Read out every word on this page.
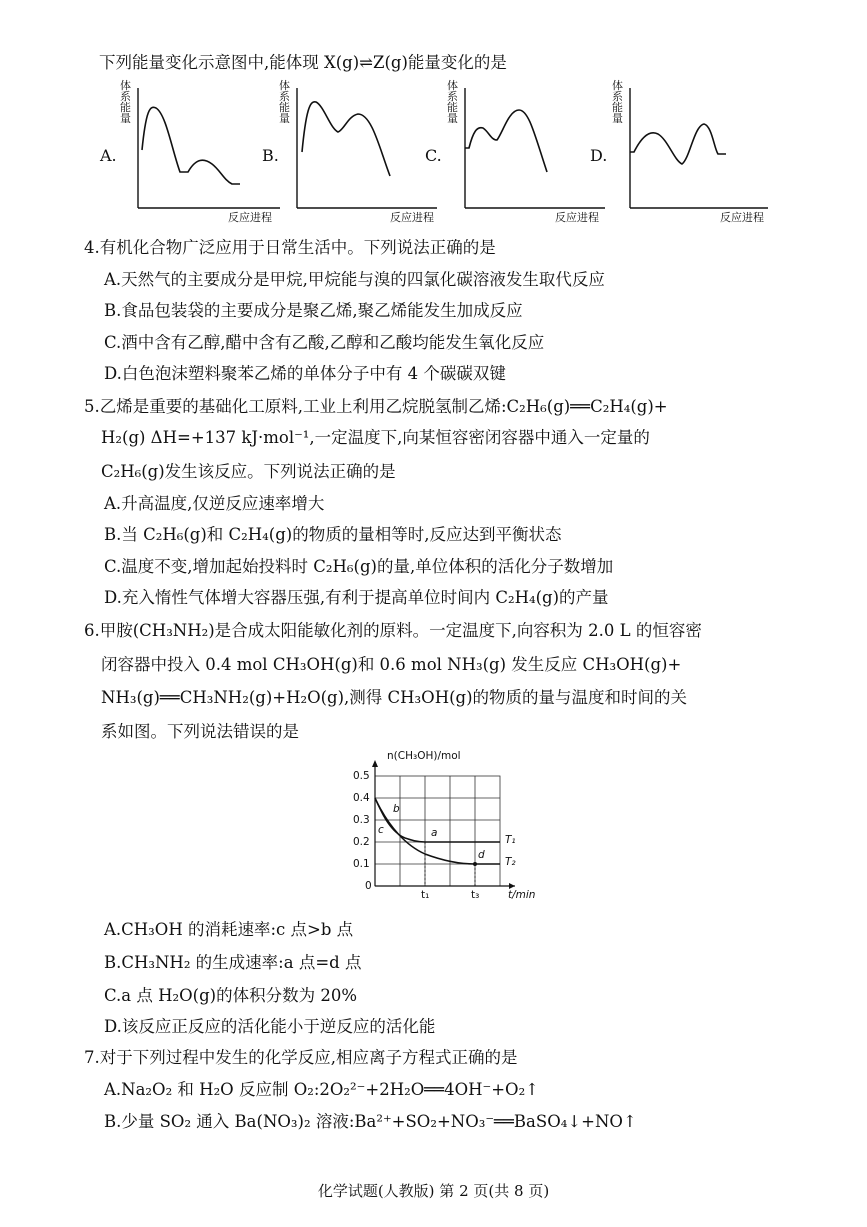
下列能量变化示意图中,能体现 X(g)⇌Z(g)能量变化的是
A.
体系能量
反应进程
B.
体系能量
反应进程
C.
体系能量
反应进程
D.
体系能量
反应进程
4.有机化合物广泛应用于日常生活中。下列说法正确的是
A.天然气的主要成分是甲烷,甲烷能与溴的四氯化碳溶液发生取代反应
B.食品包装袋的主要成分是聚乙烯,聚乙烯能发生加成反应
C.酒中含有乙醇,醋中含有乙酸,乙醇和乙酸均能发生氧化反应
D.白色泡沫塑料聚苯乙烯的单体分子中有 4 个碳碳双键
5.乙烯是重要的基础化工原料,工业上利用乙烷脱氢制乙烯:C₂H₆(g)══C₂H₄(g)+
H₂(g) ΔH=+137 kJ·mol⁻¹,一定温度下,向某恒容密闭容器中通入一定量的
C₂H₆(g)发生该反应。下列说法正确的是
A.升高温度,仅逆反应速率增大
B.当 C₂H₆(g)和 C₂H₄(g)的物质的量相等时,反应达到平衡状态
C.温度不变,增加起始投料时 C₂H₆(g)的量,单位体积的活化分子数增加
D.充入惰性气体增大容器压强,有利于提高单位时间内 C₂H₄(g)的产量
6.甲胺(CH₃NH₂)是合成太阳能敏化剂的原料。一定温度下,向容积为 2.0 L 的恒容密
闭容器中投入 0.4 mol CH₃OH(g)和 0.6 mol NH₃(g) 发生反应 CH₃OH(g)+
NH₃(g)══CH₃NH₂(g)+H₂O(g),测得 CH₃OH(g)的物质的量与温度和时间的关
系如图。下列说法错误的是
n(CH₃OH)/mol
0.5
0.4
0.3
0.2
0.1
0
t₁	t₃	t/min
a
b
c
d
T₁
T₂
A.CH₃OH 的消耗速率:c 点>b 点
B.CH₃NH₂ 的生成速率:a 点=d 点
C.a 点 H₂O(g)的体积分数为 20%
D.该反应正反应的活化能小于逆反应的活化能
7.对于下列过程中发生的化学反应,相应离子方程式正确的是
A.Na₂O₂ 和 H₂O 反应制 O₂:2O₂²⁻+2H₂O══4OH⁻+O₂↑
B.少量 SO₂ 通入 Ba(NO₃)₂ 溶液:Ba²⁺+SO₂+NO₃⁻══BaSO₄↓+NO↑
化学试题(人教版) 第 2 页(共 8 页)
